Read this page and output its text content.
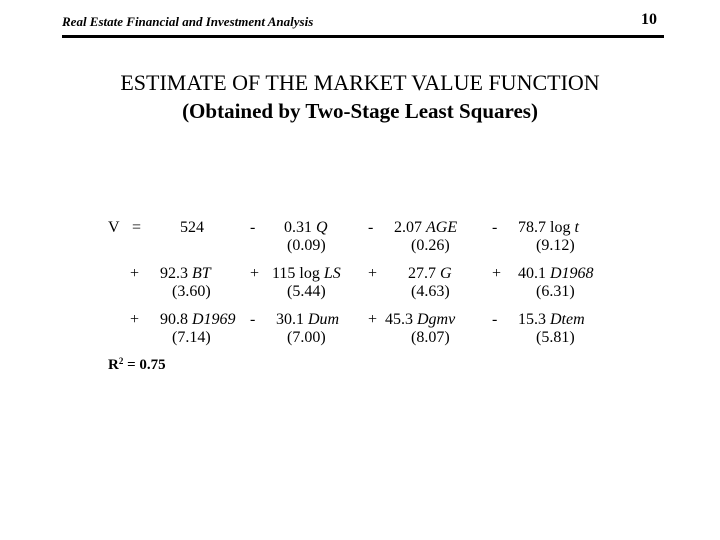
Real Estate Financial and Investment Analysis	10
ESTIMATE OF THE MARKET VALUE FUNCTION
(Obtained by Two-Stage Least Squares)
V = 524	- 0.31 Q
(0.09)
- 2.07 AGE
(0.26)
- 78.7 log t
(9.12)
+ 92.3 BT
(3.60)
+ 115 log LS
(5.44)
+ 27.7 G
(4.63)
+ 40.1 D1968
(6.31)
+ 90.8 D1969
(7.14)
- 30.1 Dum
(7.00)
+ 45.3 Dgmv
(8.07)
- 15.3 Dtem
(5.81)
$R^2 = 0.75$
